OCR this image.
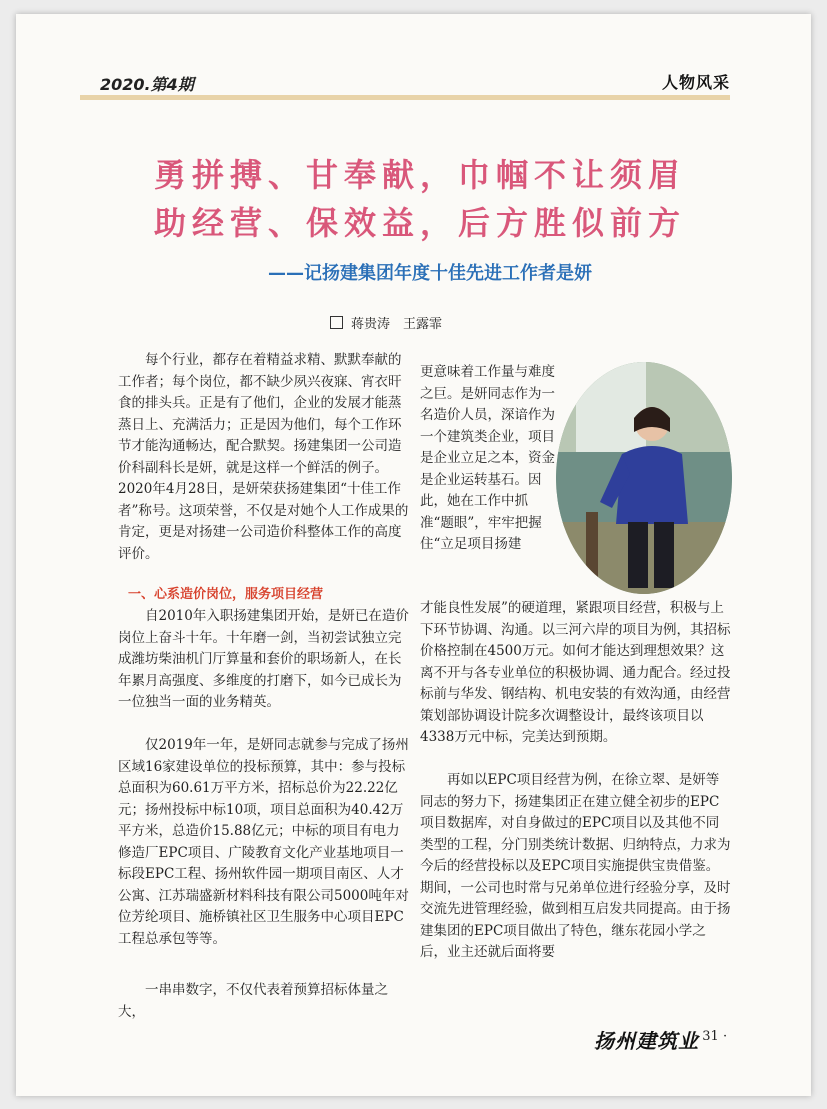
2020.第4期	人物风采
勇拼搏、甘奉献，巾帼不让须眉
助经营、保效益，后方胜似前方
——记扬建集团年度十佳先进工作者是妍
蒋贵涛　王露霏

每个行业，都存在着精益求精、默默奉献的工作者；每个岗位，都不缺少夙兴夜寐、宵衣旰食的排头兵。正是有了他们，企业的发展才能蒸蒸日上、充满活力；正是因为他们，每个工作环节才能沟通畅达，配合默契。扬建集团一公司造价科副科长是妍，就是这样一个鲜活的例子。2020年4月28日，是妍荣获扬建集团“十佳工作者”称号。这项荣誉，不仅是对她个人工作成果的肯定，更是对扬建一公司造价科整体工作的高度评价。

一、心系造价岗位，服务项目经营

自2010年入职扬建集团开始，是妍已在造价岗位上奋斗十年。十年磨一剑，当初尝试独立完成潍坊柴油机门厅算量和套价的职场新人，在长年累月高强度、多维度的打磨下，如今已成长为一位独当一面的业务精英。

仅2019年一年，是妍同志就参与完成了扬州区域16家建设单位的投标预算，其中：参与投标总面积为60.61万平方米，招标总价为22.22亿元；扬州投标中标10项，项目总面积为40.42万平方米，总造价15.88亿元；中标的项目有电力修造厂EPC项目、广陵教育文化产业基地项目一标段EPC工程、扬州软件园一期项目南区、人才公寓、江苏瑞盛新材料科技有限公司5000吨年对位芳纶项目、施桥镇社区卫生服务中心项目EPC工程总承包等等。

一串串数字，不仅代表着预算招标体量之大，

更意味着工作量与难度之巨。是妍同志作为一名造价人员，深谙作为一个建筑类企业，项目是企业立足之本，资金是企业运转基石。因此，她在工作中抓准“题眼”，牢牢把握住“立足项目扬建

才能良性发展”的硬道理，紧跟项目经营，积极与上下环节协调、沟通。以三河六岸的项目为例，其招标价格控制在4500万元。如何才能达到理想效果？这离不开与各专业单位的积极协调、通力配合。经过投标前与华发、钢结构、机电安装的有效沟通，由经营策划部协调设计院多次调整设计，最终该项目以4338万元中标，完美达到预期。

再如以EPC项目经营为例，在徐立翠、是妍等同志的努力下，扬建集团正在建立健全初步的EPC项目数据库，对自身做过的EPC项目以及其他不同类型的工程，分门别类统计数据、归纳特点，力求为今后的经营投标以及EPC项目实施提供宝贵借鉴。期间，一公司也时常与兄弟单位进行经验分享，及时交流先进管理经验，做到相互启发共同提高。由于扬建集团的EPC项目做出了特色，继东花园小学之后，业主还就后面将要

扬州建筑业
· 31 ·
